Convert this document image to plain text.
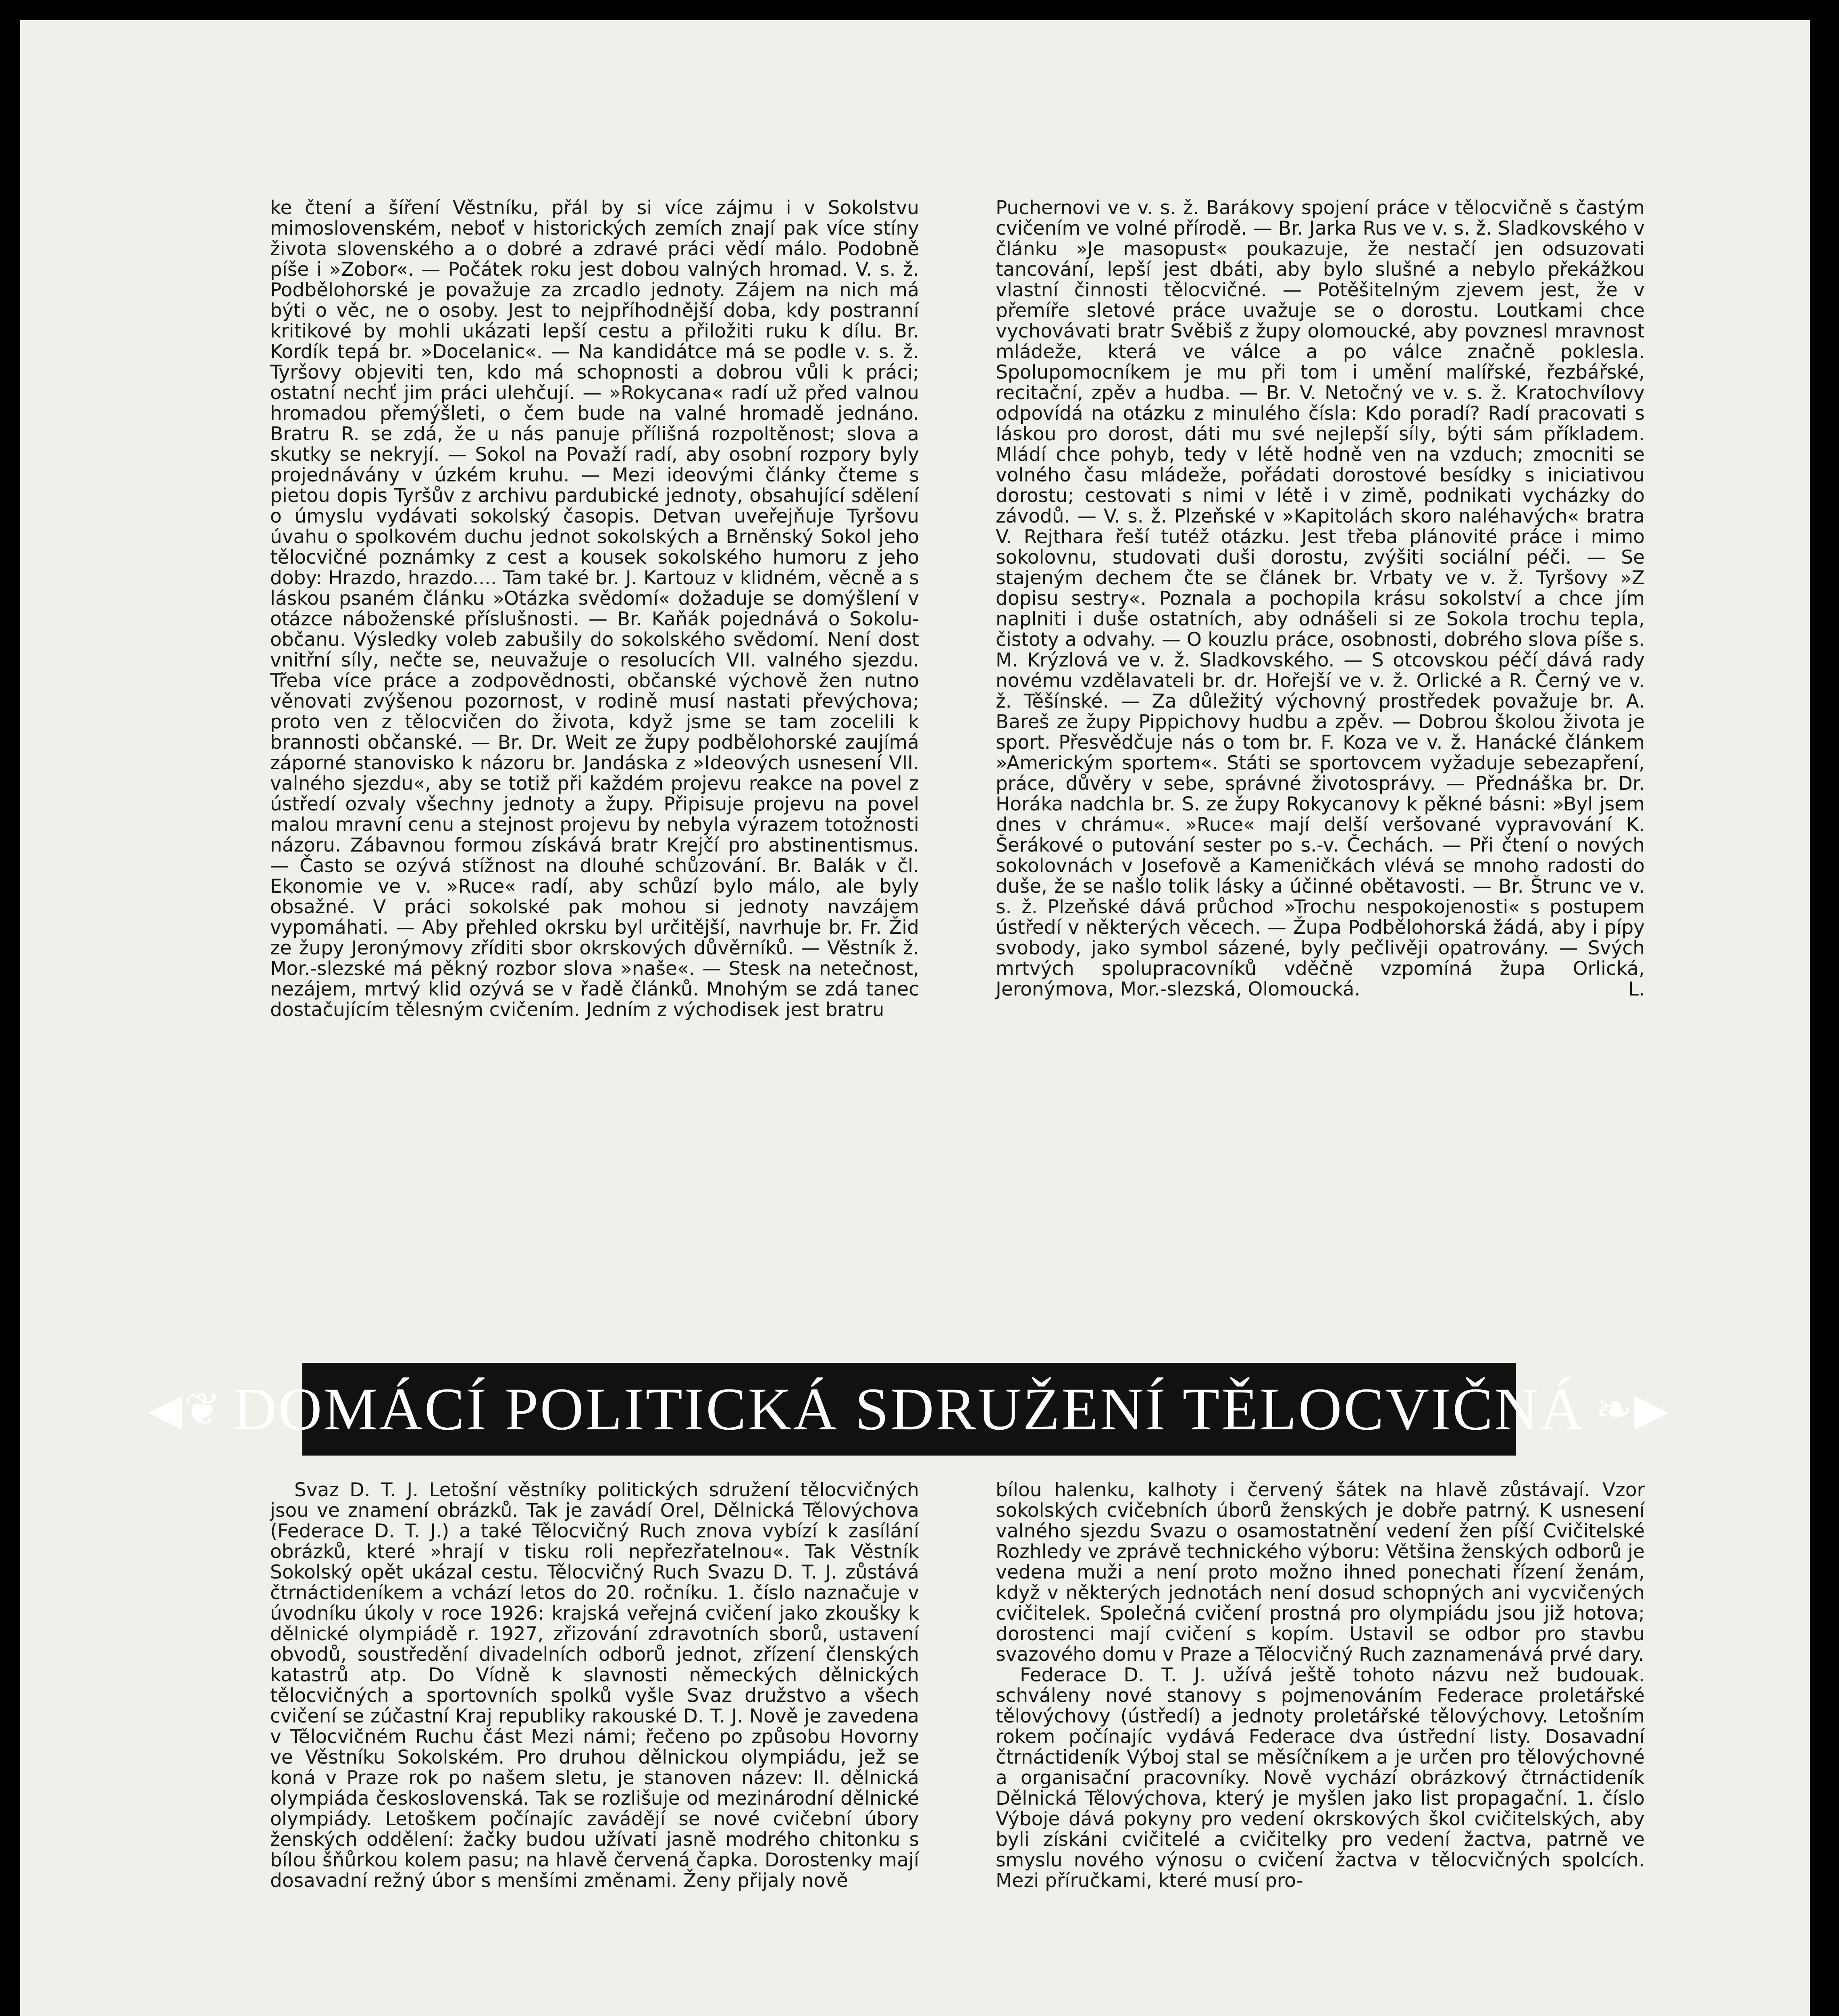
ke čtení a šíření Věstníku, přál by si více zájmu i v Sokolstvu mimoslovenském, neboť v historických zemích znají pak více stíny života slovenského a o dobré a zdravé práci vědí málo. Podobně píše i »Zobor«. — Počátek roku jest dobou valných hromad. V. s. ž. Podbělohorské je považuje za zrcadlo jednoty. Zájem na nich má býti o věc, ne o osoby. Jest to nejpříhodnější doba, kdy postranní kritikové by mohli ukázati lepší cestu a přiložiti ruku k dílu. Br. Kordík tepá br. »Docelanic«. — Na kandidátce má se podle v. s. ž. Tyršovy objeviti ten, kdo má schopnosti a dobrou vůli k práci; ostatní nechť jim práci ulehčují. — »Rokycana« radí už před valnou hromadou přemýšleti, o čem bude na valné hromadě jednáno. Bratru R. se zdá, že u nás panuje přílišná rozpoltěnost; slova a skutky se nekryjí. — Sokol na Považí radí, aby osobní rozpory byly projednávány v úzkém kruhu. — Mezi ideovými články čteme s pietou dopis Tyršův z archivu pardubické jednoty, obsahující sdělení o úmyslu vydávati sokolský časopis. Detvan uveřejňuje Tyršovu úvahu o spolkovém duchu jednot sokolských a Brněnský Sokol jeho tělocvičné poznámky z cest a kousek sokolského humoru z jeho doby: Hrazdo, hrazdo.... Tam také br. J. Kartouz v klidném, věcně a s láskou psaném článku »Otázka svědomí« dožaduje se domýšlení v otázce náboženské příslušnosti. — Br. Kaňák pojednává o Sokolu-občanu. Výsledky voleb zabušily do sokolského svědomí. Není dost vnitřní síly, nečte se, neuvažuje o resolucích VII. valného sjezdu. Třeba více práce a zodpovědnosti, občanské výchově žen nutno věnovati zvýšenou pozornost, v rodině musí nastati převýchova; proto ven z tělocvičen do života, když jsme se tam zocelili k brannosti občanské. — Br. Dr. Weit ze župy podbělohorské zaujímá záporné stanovisko k názoru br. Jandáska z »Ideových usnesení VII. valného sjezdu«, aby se totiž při každém projevu reakce na povel z ústředí ozvaly všechny jednoty a župy. Připisuje projevu na povel malou mravní cenu a stejnost projevu by nebyla výrazem totožnosti názoru. Zábavnou formou získává bratr Krejčí pro abstinentismus. — Často se ozývá stížnost na dlouhé schůzování. Br. Balák v čl. Ekonomie ve v. »Ruce« radí, aby schůzí bylo málo, ale byly obsažné. V práci sokolské pak mohou si jednoty navzájem vypomáhati. — Aby přehled okrsku byl určitější, navrhuje br. Fr. Žid ze župy Jeronýmovy zříditi sbor okrskových důvěrníků. — Věstník ž. Mor.-slezské má pěkný rozbor slova »naše«. — Stesk na netečnost, nezájem, mrtvý klid ozývá se v řadě článků. Mnohým se zdá tanec dostačujícím tělesným cvičením. Jedním z východisek jest bratru

Puchernovi ve v. s. ž. Barákovy spojení práce v tělocvičně s častým cvičením ve volné přírodě. — Br. Jarka Rus ve v. s. ž. Sladkovského v článku »Je masopust« poukazuje, že nestačí jen odsuzovati tancování, lepší jest dbáti, aby bylo slušné a nebylo překážkou vlastní činnosti tělocvičné. — Potěšitelným zjevem jest, že v přemíře sletové práce uvažuje se o dorostu. Loutkami chce vychovávati bratr Svěbiš z župy olomoucké, aby povznesl mravnost mládeže, která ve válce a po válce značně poklesla. Spolupomocníkem je mu při tom i umění malířské, řezbářské, recitační, zpěv a hudba. — Br. V. Netočný ve v. s. ž. Kratochvílovy odpovídá na otázku z minulého čísla: Kdo poradí? Radí pracovati s láskou pro dorost, dáti mu své nejlepší síly, býti sám příkladem. Mládí chce pohyb, tedy v létě hodně ven na vzduch; zmocniti se volného času mládeže, pořádati dorostové besídky s iniciativou dorostu; cestovati s nimi v létě i v zimě, podnikati vycházky do závodů. — V. s. ž. Plzeňské v »Kapitolách skoro naléhavých« bratra V. Rejthara řeší tutéž otázku. Jest třeba plánovité práce i mimo sokolovnu, studovati duši dorostu, zvýšiti sociální péči. — Se stajeným dechem čte se článek br. Vrbaty ve v. ž. Tyršovy »Z dopisu sestry«. Poznala a pochopila krásu sokolství a chce jím naplniti i duše ostatních, aby odnášeli si ze Sokola trochu tepla, čistoty a odvahy. — O kouzlu práce, osobnosti, dobrého slova píše s. M. Krýzlová ve v. ž. Sladkovského. — S otcovskou péčí dává rady novému vzdělavateli br. dr. Hořejší ve v. ž. Orlické a R. Černý ve v. ž. Těšínské. — Za důležitý výchovný prostředek považuje br. A. Bareš ze župy Pippichovy hudbu a zpěv. — Dobrou školou života je sport. Přesvědčuje nás o tom br. F. Koza ve v. ž. Hanácké článkem »Americkým sportem«. Státi se sportovcem vyžaduje sebezapření, práce, důvěry v sebe, správné životosprávy. — Přednáška br. Dr. Horáka nadchla br. S. ze župy Rokycanovy k pěkné básni: »Byl jsem dnes v chrámu«. »Ruce« mají delší veršované vypravování K. Šerákové o putování sester po s.-v. Čechách. — Při čtení o nových sokolovnách v Josefově a Kameničkách vlévá se mnoho radosti do duše, že se našlo tolik lásky a účinné obětavosti. — Br. Štrunc ve v. s. ž. Plzeňské dává průchod »Trochu nespokojenosti« s postupem ústředí v některých věcech. — Župa Podbělohorská žádá, aby i pípy svobody, jako symbol sázené, byly pečlivěji opatrovány. — Svých mrtvých spolupracovníků vděčně vzpomíná župa Orlická, Jeronýmova, Mor.-slezská, Olomoucká.	L.

◀❦ DOMÁCÍ POLITICKÁ SDRUŽENÍ TĚLOCVIČNÁ ❧▶

Svaz D. T. J. Letošní věstníky politických sdružení tělocvičných jsou ve znamení obrázků. Tak je zavádí Orel, Dělnická Tělovýchova (Federace D. T. J.) a také Tělocvičný Ruch znova vybízí k zasílání obrázků, které »hrají v tisku roli nepřezřatelnou«. Tak Věstník Sokolský opět ukázal cestu. Tělocvičný Ruch Svazu D. T. J. zůstává čtrnáctideníkem a vchází letos do 20. ročníku. 1. číslo naznačuje v úvodníku úkoly v roce 1926: krajská veřejná cvičení jako zkoušky k dělnické olympiádě r. 1927, zřizování zdravotních sborů, ustavení obvodů, soustředění divadelních odborů jednot, zřízení členských katastrů atp. Do Vídně k slavnosti německých dělnických tělocvičných a sportovních spolků vyšle Svaz družstvo a všech cvičení se zúčastní Kraj republiky rakouské D. T. J. Nově je zavedena v Tělocvičném Ruchu část Mezi námi; řečeno po způsobu Hovorny ve Věstníku Sokolském. Pro druhou dělnickou olympiádu, jež se koná v Praze rok po našem sletu, je stanoven název: II. dělnická olympiáda československá. Tak se rozlišuje od mezinárodní dělnické olympiády. Letoškem počínajíc zavádějí se nové cvičební úbory ženských oddělení: žačky budou užívati jasně modrého chitonku s bílou šňůrkou kolem pasu; na hlavě červená čapka. Dorostenky mají dosavadní režný úbor s menšími změnami. Ženy přijaly nově

bílou halenku, kalhoty i červený šátek na hlavě zůstávají. Vzor sokolských cvičebních úborů ženských je dobře patrný. K usnesení valného sjezdu Svazu o osamostatnění vedení žen píší Cvičitelské Rozhledy ve zprávě technického výboru: Většina ženských odborů je vedena muži a není proto možno ihned ponechati řízení ženám, když v některých jednotách není dosud schopných ani vycvičených cvičitelek. Společná cvičení prostná pro olympiádu jsou již hotova; dorostenci mají cvičení s kopím. Ustavil se odbor pro stavbu svazového domu v Praze a Tělocvičný Ruch zaznamenává prvé dary.
ak.

Federace D. T. J. užívá ještě tohoto názvu než budou schváleny nové stanovy s pojmenováním Federace proletářské tělovýchovy (ústředí) a jednoty proletářské tělovýchovy. Letošním rokem počínajíc vydává Federace dva ústřední listy. Dosavadní čtrnáctideník Výboj stal se měsíčníkem a je určen pro tělovýchovné a organisační pracovníky. Nově vychází obrázkový čtrnáctideník Dělnická Tělovýchova, který je myšlen jako list propagační. 1. číslo Výboje dává pokyny pro vedení okrskových škol cvičitelských, aby byli získáni cvičitelé a cvičitelky pro vedení žactva, patrně ve smyslu nového výnosu o cvičení žactva v tělocvičných spolcích. Mezi příručkami, které musí pro-
